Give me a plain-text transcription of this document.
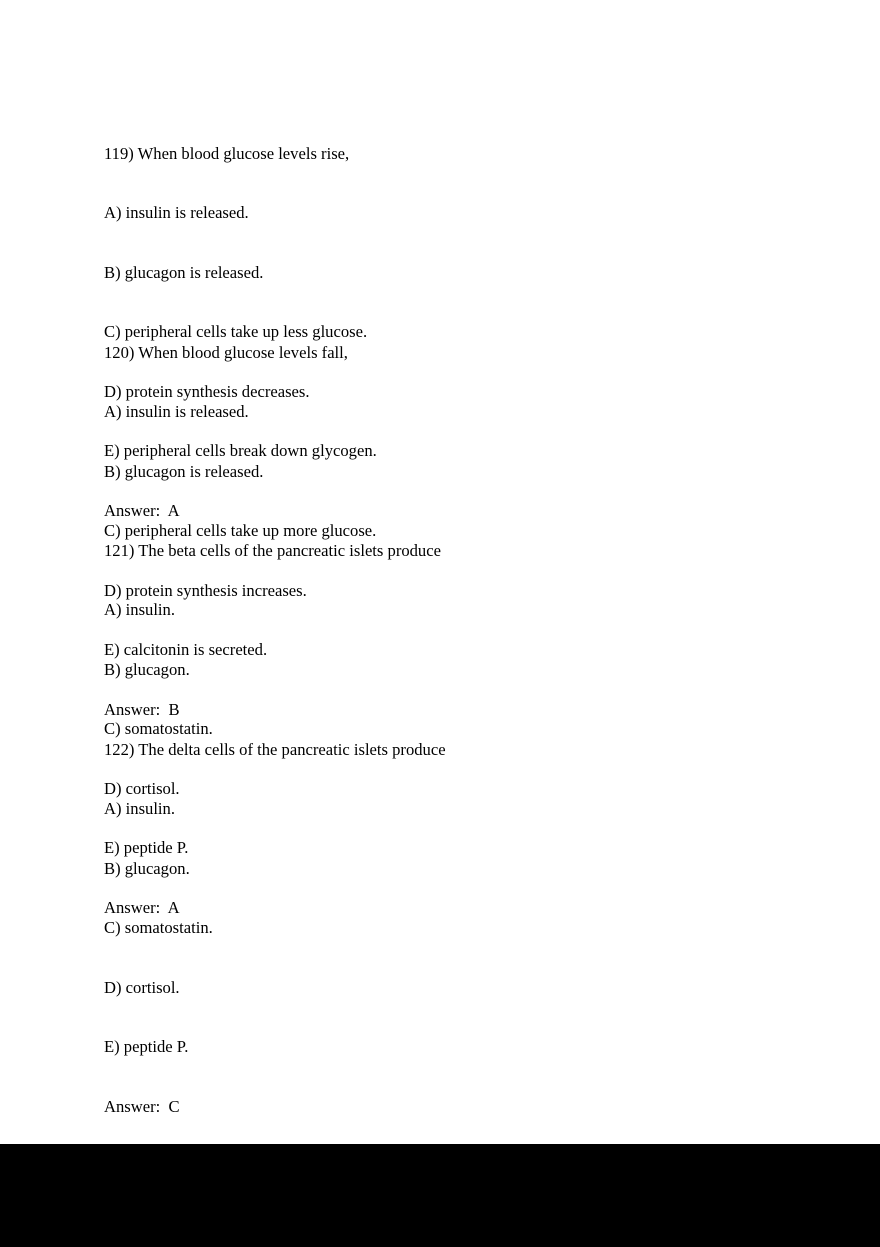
119) When blood glucose levels rise,

A) insulin is released.

B) glucagon is released.

C) peripheral cells take up less glucose.

D) protein synthesis decreases.

E) peripheral cells break down glycogen.

Answer:  A

120) When blood glucose levels fall,

A) insulin is released.

B) glucagon is released.

C) peripheral cells take up more glucose.

D) protein synthesis increases.

E) calcitonin is secreted.

Answer:  B

121) The beta cells of the pancreatic islets produce

A) insulin.

B) glucagon.

C) somatostatin.

D) cortisol.

E) peptide P.

Answer:  A

122) The delta cells of the pancreatic islets produce

A) insulin.

B) glucagon.

C) somatostatin.

D) cortisol.

E) peptide P.

Answer:  C
